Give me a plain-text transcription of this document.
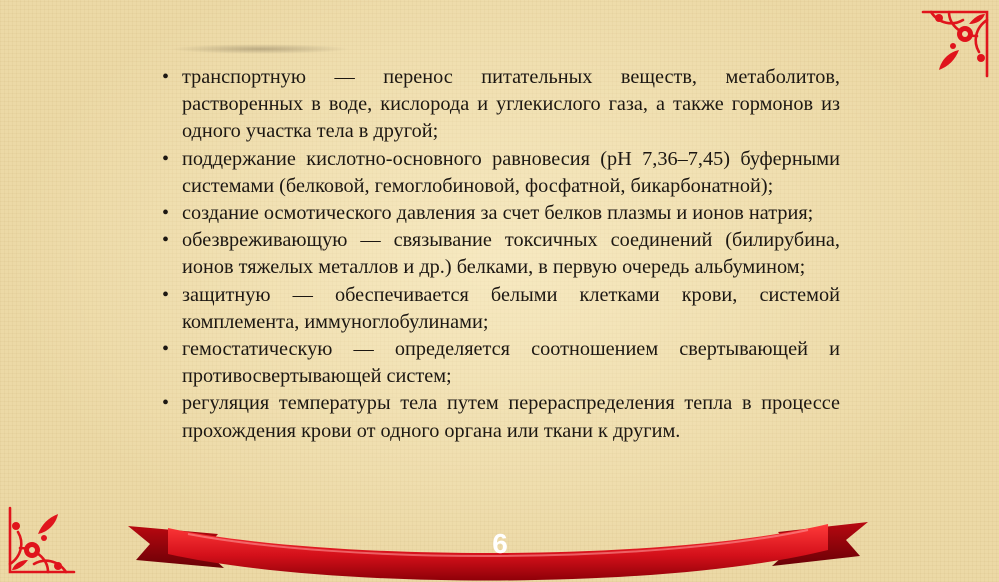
• транспортную — перенос питательных веществ, метаболитов, растворенных в воде, кислорода и углекислого газа, а также гормонов из одного участка тела в другой;
• поддержание кислотно-основного равновесия (рН 7,36–7,45) буферными системами (белковой, гемоглобиновой, фосфатной, бикарбонатной);
• создание осмотического давления за счет белков плазмы и ионов натрия;
• обезвреживающую — связывание токсичных соединений (билирубина, ионов тяжелых металлов и др.) белками, в первую очередь альбумином;
• защитную — обеспечивается белыми клетками крови, системой комплемента, иммуноглобулинами;
• гемостатическую — определяется соотношением свертывающей и противосвертывающей систем;
• регуляция температуры тела путем перераспределения тепла в процессе прохождения крови от одного органа или ткани к другим.
6
